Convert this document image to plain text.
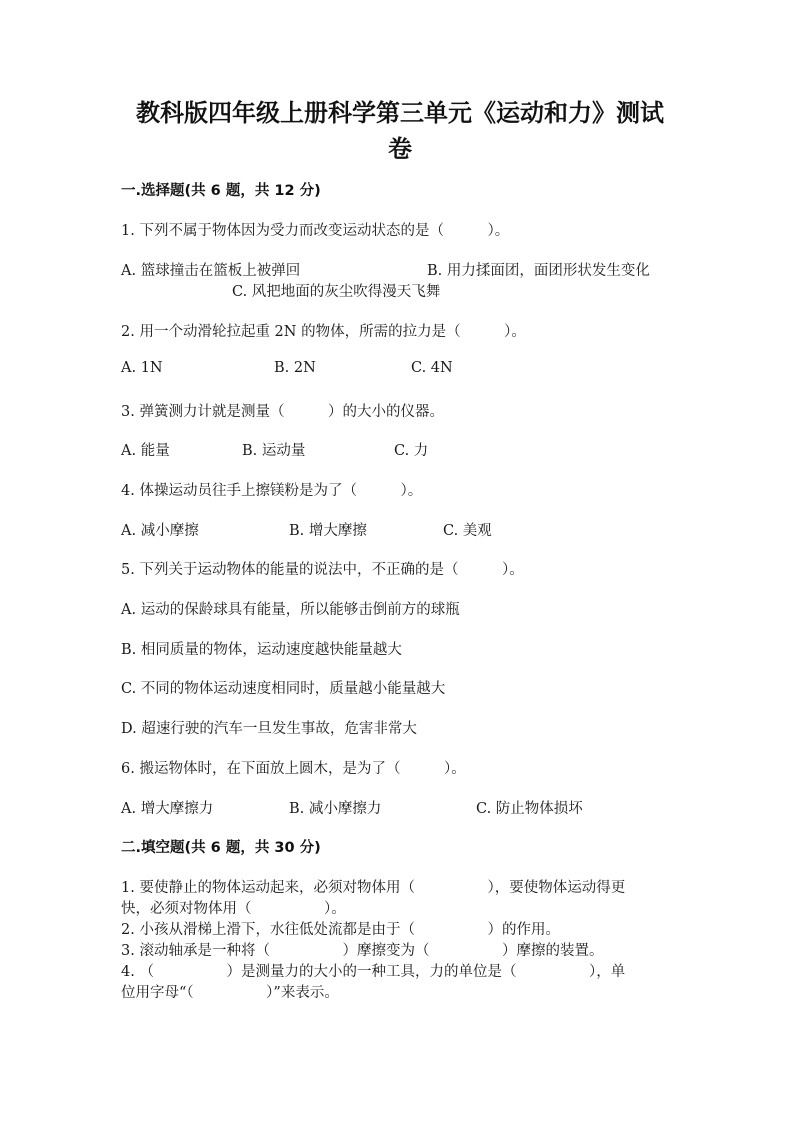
教科版四年级上册科学第三单元《运动和力》测试
卷
一.选择题(共 6 题，共 12 分)
1. 下列不属于物体因为受力而改变运动状态的是（　　　）。
A. 篮球撞击在篮板上被弹回	B. 用力揉面团，面团形状发生变化
C. 风把地面的灰尘吹得漫天飞舞
2. 用一个动滑轮拉起重 2N 的物体，所需的拉力是（　　　）。
A. 1N	B. 2N	C. 4N
3. 弹簧测力计就是测量（　　　）的大小的仪器。
A. 能量	B. 运动量	C. 力
4. 体操运动员往手上擦镁粉是为了（　　　）。
A. 减小摩擦	B. 增大摩擦	C. 美观
5. 下列关于运动物体的能量的说法中，不正确的是（　　　）。
A. 运动的保龄球具有能量，所以能够击倒前方的球瓶
B. 相同质量的物体，运动速度越快能量越大
C. 不同的物体运动速度相同时，质量越小能量越大
D. 超速行驶的汽车一旦发生事故，危害非常大
6. 搬运物体时，在下面放上圆木，是为了（　　　）。
A. 增大摩擦力	B. 减小摩擦力	C. 防止物体损坏
二.填空题(共 6 题，共 30 分)
1. 要使静止的物体运动起来，必须对物体用（　　　　　），要使物体运动得更
快，必须对物体用（　　　　　）。
2. 小孩从滑梯上滑下，水往低处流都是由于（　　　　　）的作用。
3. 滚动轴承是一种将（　　　　　）摩擦变为（　　　　　）摩擦的装置。
4. （　　　　　）是测量力的大小的一种工具，力的单位是（　　　　　），单
位用字母“（　　　　　）”来表示。
